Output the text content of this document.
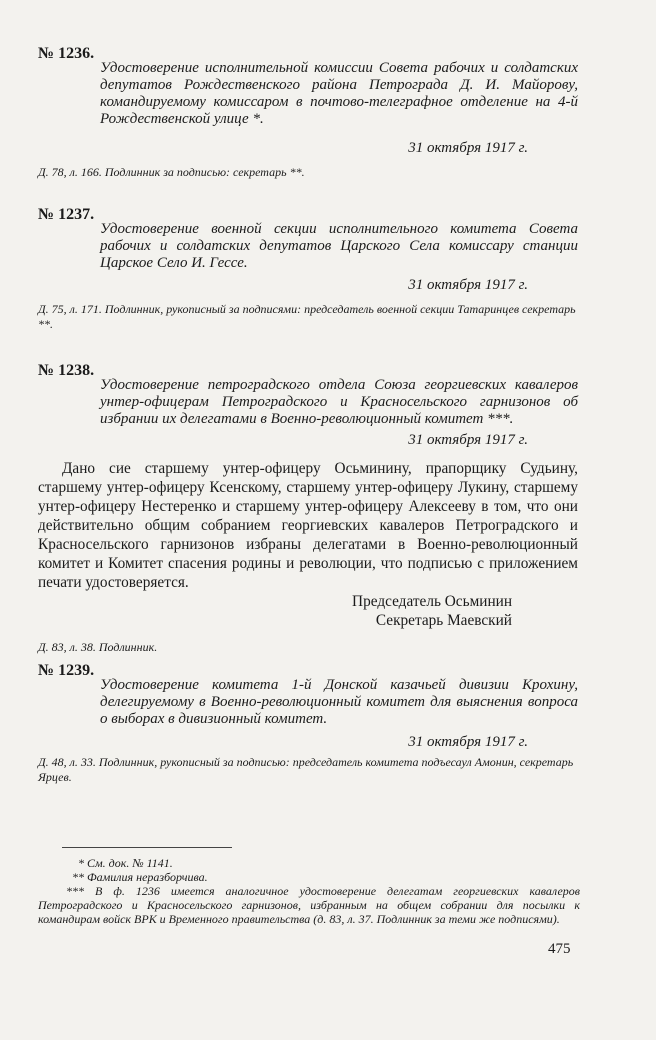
№ 1236.

Удостоверение исполнительной комиссии Совета рабочих и солдатских депутатов Рождественского района Петрограда Д. И. Майорову, командируемому комиссаром в почтово-телеграфное отделение на 4-й Рождественской улице *.

31 октября 1917 г.

Д. 78, л. 166. Подлинник за подписью: секретарь **.

№ 1237.

Удостоверение военной секции исполнительного комитета Совета рабочих и солдатских депутатов Царского Села комиссару станции Царское Село И. Гессе.

31 октября 1917 г.

Д. 75, л. 171. Подлинник, рукописный за подписями: председатель военной секции Татаринцев секретарь **.

№ 1238.

Удостоверение петроградского отдела Союза георгиевских кавалеров унтер-офицерам Петроградского и Красносельского гарнизонов об избрании их делегатами в Военно-революционный комитет ***.

31 октября 1917 г.

Дано сие старшему унтер-офицеру Осьминину, прапорщику Судьину, старшему унтер-офицеру Ксенскому, старшему унтер-офицеру Лукину, старшему унтер-офицеру Нестеренко и старшему унтер-офицеру Алексееву в том, что они действительно общим собранием георгиевских кавалеров Петроградского и Красносельского гарнизонов избраны делегатами в Военно-революционный комитет и Комитет спасения родины и революции, что подписью с приложением печати удостоверяется.

Председатель Осьминин

Секретарь Маевский

Д. 83, л. 38. Подлинник.

№ 1239.

Удостоверение комитета 1-й Донской казачьей дивизии Крохину, делегируемому в Военно-революционный комитет для выяснения вопроса о выборах в дивизионный комитет.

31 октября 1917 г.

Д. 48, л. 33. Подлинник, рукописный за подписью: председатель комитета подъесаул Амонин, секретарь Ярцев.

* См. док. № 1141.
** Фамилия неразборчива.
*** В ф. 1236 имеется аналогичное удостоверение делегатам георгиевских кавалеров Петроградского и Красносельского гарнизонов, избранным на общем собрании для посылки к командирам войск ВРК и Временного правительства (д. 83, л. 37. Подлинник за теми же подписями).
475
